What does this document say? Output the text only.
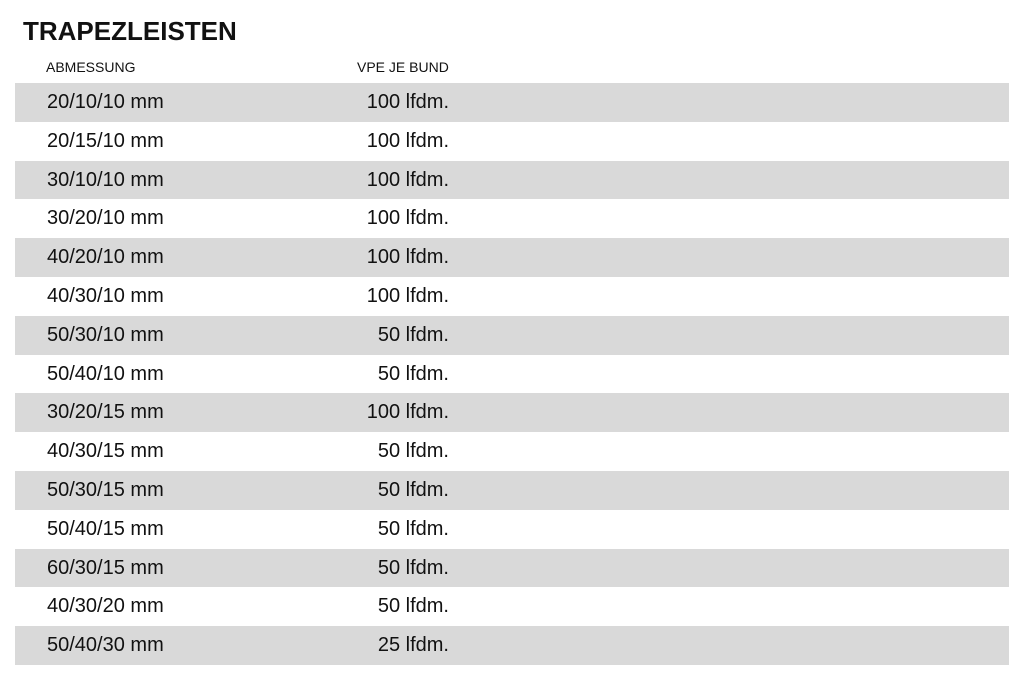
TRAPEZLEISTEN
ABMESSUNG	VPE JE BUND
20/10/10 mm	100 lfdm.
20/15/10 mm	100 lfdm.
30/10/10 mm	100 lfdm.
30/20/10 mm	100 lfdm.
40/20/10 mm	100 lfdm.
40/30/10 mm	100 lfdm.
50/30/10 mm	50 lfdm.
50/40/10 mm	50 lfdm.
30/20/15 mm	100 lfdm.
40/30/15 mm	50 lfdm.
50/30/15 mm	50 lfdm.
50/40/15 mm	50 lfdm.
60/30/15 mm	50 lfdm.
40/30/20 mm	50 lfdm.
50/40/30 mm	25 lfdm.
